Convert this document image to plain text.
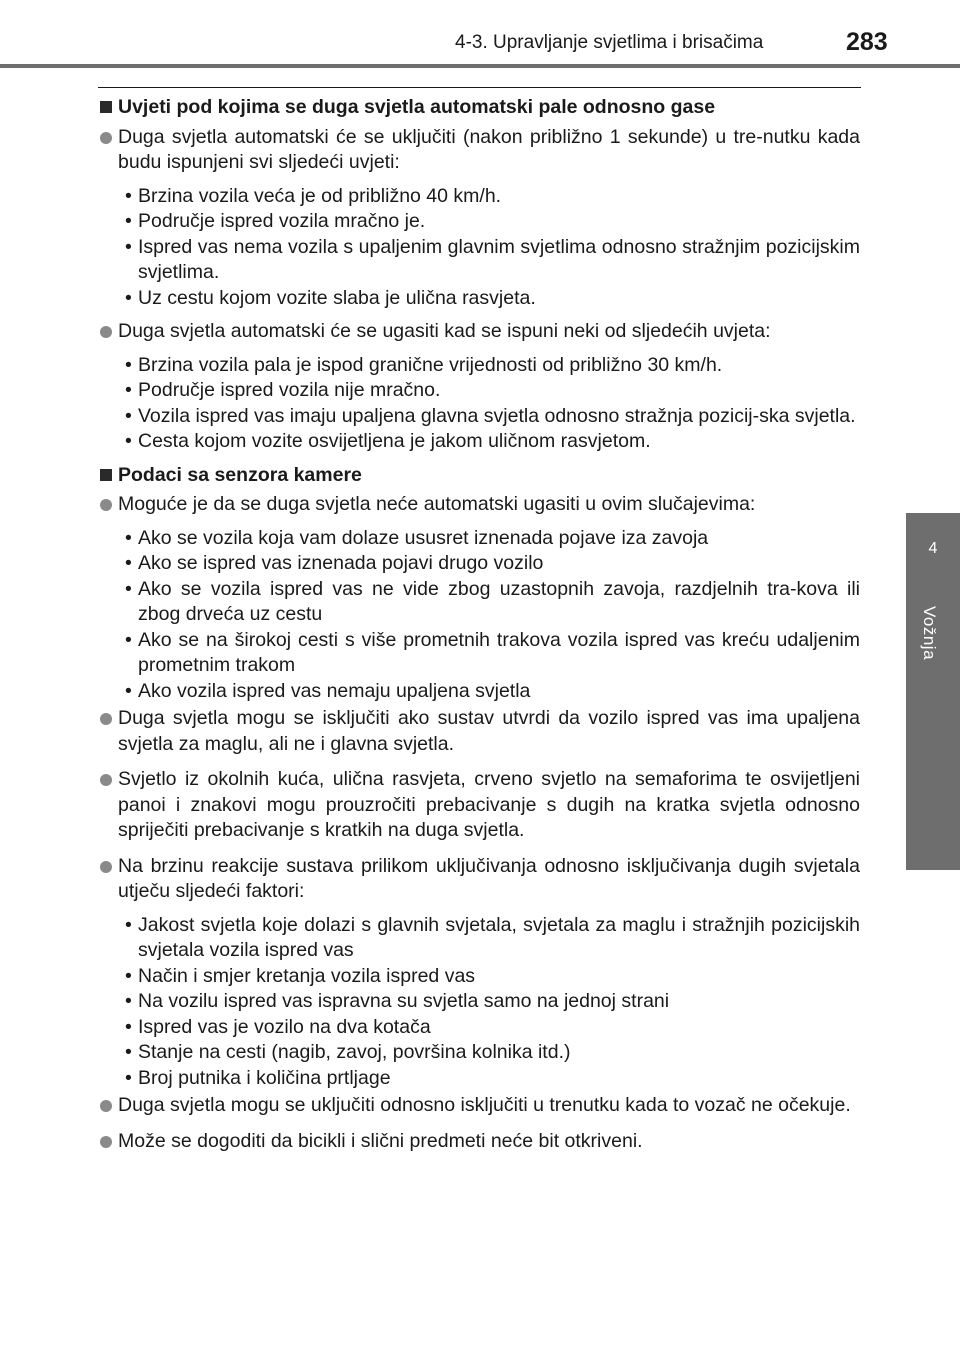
4-3. Upravljanje svjetlima i brisačima	283
4
Vožnja
Uvjeti pod kojima se duga svjetla automatski pale odnosno gase
Duga svjetla automatski će se uključiti (nakon približno 1 sekunde) u tre-nutku kada budu ispunjeni svi sljedeći uvjeti:
• Brzina vozila veća je od približno 40 km/h.
• Područje ispred vozila mračno je.
• Ispred vas nema vozila s upaljenim glavnim svjetlima odnosno stražnjim pozicijskim svjetlima.
• Uz cestu kojom vozite slaba je ulična rasvjeta.
Duga svjetla automatski će se ugasiti kad se ispuni neki od sljedećih uvjeta:
• Brzina vozila pala je ispod granične vrijednosti od približno 30 km/h.
• Područje ispred vozila nije mračno.
• Vozila ispred vas imaju upaljena glavna svjetla odnosno stražnja pozicij-ska svjetla.
• Cesta kojom vozite osvijetljena je jakom uličnom rasvjetom.
Podaci sa senzora kamere
Moguće je da se duga svjetla neće automatski ugasiti u ovim slučajevima:
• Ako se vozila koja vam dolaze ususret iznenada pojave iza zavoja
• Ako se ispred vas iznenada pojavi drugo vozilo
• Ako se vozila ispred vas ne vide zbog uzastopnih zavoja, razdjelnih tra-kova ili zbog drveća uz cestu
• Ako se na širokoj cesti s više prometnih trakova vozila ispred vas kreću udaljenim prometnim trakom
• Ako vozila ispred vas nemaju upaljena svjetla
Duga svjetla mogu se isključiti ako sustav utvrdi da vozilo ispred vas ima upaljena svjetla za maglu, ali ne i glavna svjetla.
Svjetlo iz okolnih kuća, ulična rasvjeta, crveno svjetlo na semaforima te osvijetljeni panoi i znakovi mogu prouzročiti prebacivanje s dugih na kratka svjetla odnosno spriječiti prebacivanje s kratkih na duga svjetla.
Na brzinu reakcije sustava prilikom uključivanja odnosno isključivanja dugih svjetala utječu sljedeći faktori:
• Jakost svjetla koje dolazi s glavnih svjetala, svjetala za maglu i stražnjih pozicijskih svjetala vozila ispred vas
• Način i smjer kretanja vozila ispred vas
• Na vozilu ispred vas ispravna su svjetla samo na jednoj strani
• Ispred vas je vozilo na dva kotača
• Stanje na cesti (nagib, zavoj, površina kolnika itd.)
• Broj putnika i količina prtljage
Duga svjetla mogu se uključiti odnosno isključiti u trenutku kada to vozač ne očekuje.
Može se dogoditi da bicikli i slični predmeti neće bit otkriveni.
